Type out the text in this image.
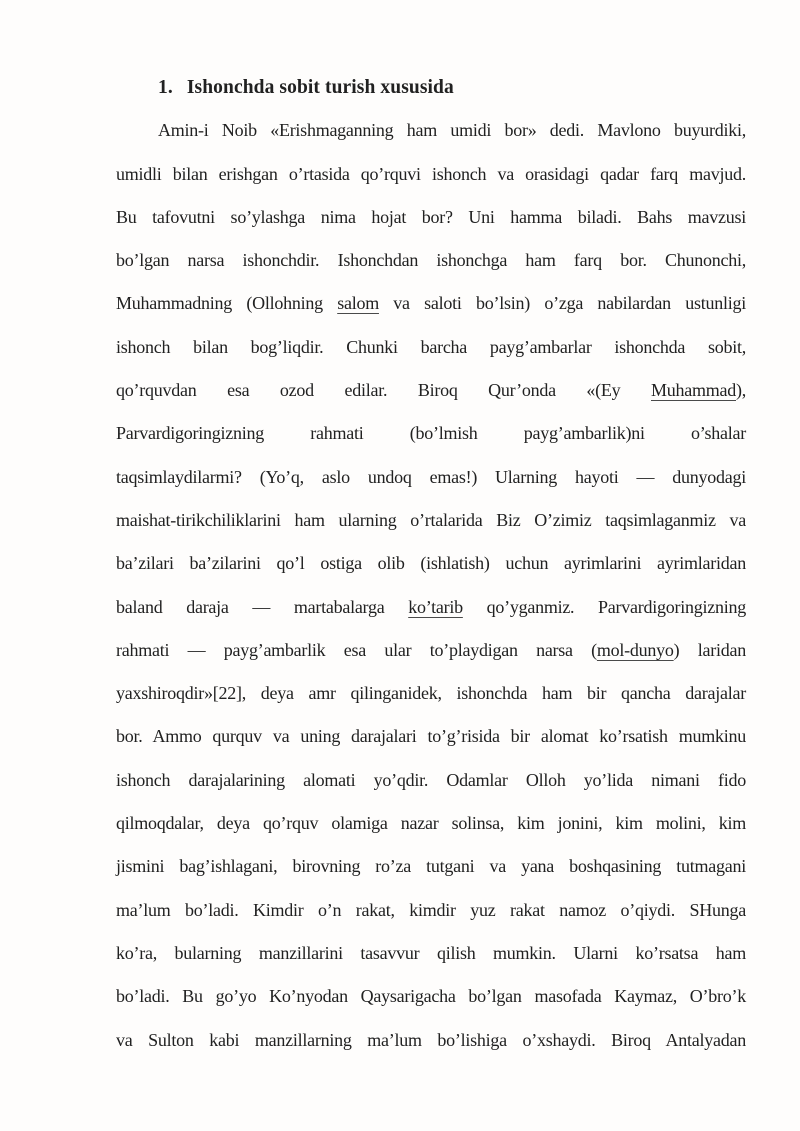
1. Ishonchda sobit turish xususida
Amin-i Noib «Erishmaganning ham umidi bor» dedi. Mavlono buyurdiki,
umidli bilan erishgan o’rtasida qo’rquvi ishonch va orasidagi qadar farq mavjud.
Bu tafovutni so’ylashga nima hojat bor? Uni hamma biladi. Bahs mavzusi
bo’lgan narsa ishonchdir. Ishonchdan ishonchga ham farq bor. Chunonchi,
Muhammadning (Ollohning salom va saloti bo’lsin) o’zga nabilardan ustunligi
ishonch bilan bog’liqdir. Chunki barcha payg’ambarlar ishonchda sobit,
qo’rquvdan esa ozod edilar. Biroq Qur’onda «(Ey Muhammad),
Parvardigoringizning rahmati (bo’lmish payg’ambarlik)ni o’shalar
taqsimlaydilarmi? (Yo’q, aslo undoq emas!) Ularning hayoti — dunyodagi
maishat-tirikchiliklarini ham ularning o’rtalarida Biz O’zimiz taqsimlaganmiz va
ba’zilari ba’zilarini qo’l ostiga olib (ishlatish) uchun ayrimlarini ayrimlaridan
baland daraja — martabalarga ko’tarib qo’yganmiz. Parvardigoringizning
rahmati — payg’ambarlik esa ular to’playdigan narsa (mol-dunyo) laridan
yaxshiroqdir»[22], deya amr qilinganidek, ishonchda ham bir qancha darajalar
bor. Ammo qurquv va uning darajalari to’g’risida bir alomat ko’rsatish mumkinu
ishonch darajalarining alomati yo’qdir. Odamlar Olloh yo’lida nimani fido
qilmoqdalar, deya qo’rquv olamiga nazar solinsa, kim jonini, kim molini, kim
jismini bag’ishlagani, birovning ro’za tutgani va yana boshqasining tutmagani
ma’lum bo’ladi. Kimdir o’n rakat, kimdir yuz rakat namoz o’qiydi. SHunga
ko’ra, bularning manzillarini tasavvur qilish mumkin. Ularni ko’rsatsa ham
bo’ladi. Bu go’yo Ko’nyodan Qaysarigacha bo’lgan masofada Kaymaz, O’bro’k
va Sulton kabi manzillarning ma’lum bo’lishiga o’xshaydi. Biroq Antalyadan
